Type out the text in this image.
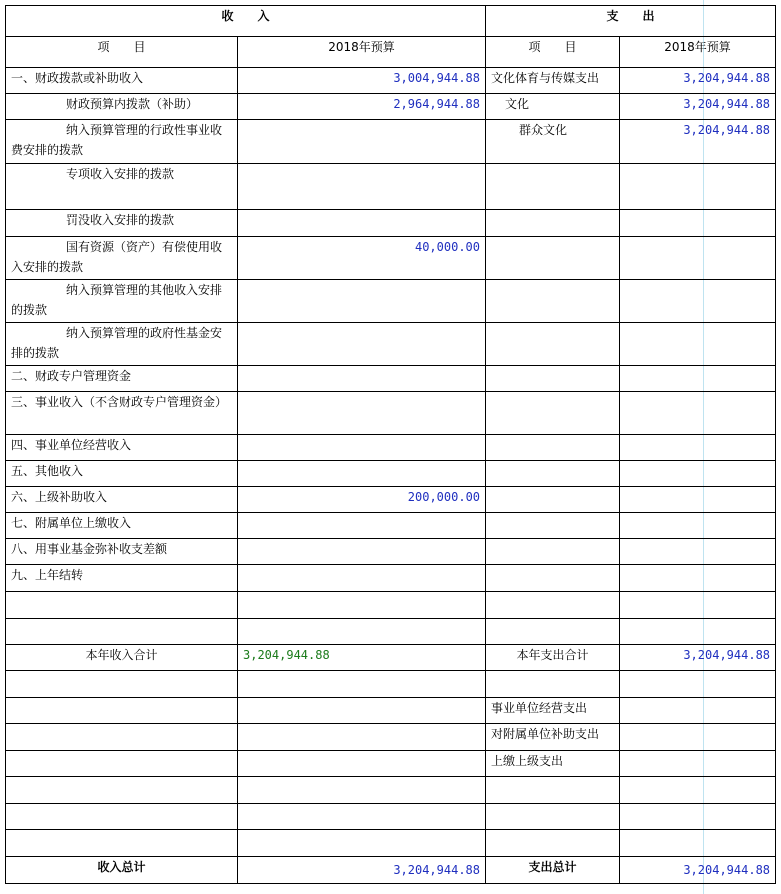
收　　入		支　　出	
项　　目	2018年预算	项　　目	2018年预算
一、财政拨款或补助收入	3,004,944.88	文化体育与传媒支出	3,204,944.88
财政预算内拨款（补助）	2,964,944.88	文化	3,204,944.88
纳入预算管理的行政性事业收费安排的拨款		群众文化	3,204,944.88
专项收入安排的拨款			
罚没收入安排的拨款			
国有资源（资产）有偿使用收入安排的拨款	40,000.00		
纳入预算管理的其他收入安排的拨款			
纳入预算管理的政府性基金安排的拨款			
二、财政专户管理资金			
三、事业收入（不含财政专户管理资金）			
四、事业单位经营收入			
五、其他收入			
六、上级补助收入	200,000.00		
七、附属单位上缴收入			
八、用事业基金弥补收支差额			
九、上年结转			

本年收入合计	3,204,944.88	本年支出合计	3,204,944.88

		事业单位经营支出	
		对附属单位补助支出	
		上缴上级支出	

收入总计	3,204,944.88	支出总计	3,204,944.88
